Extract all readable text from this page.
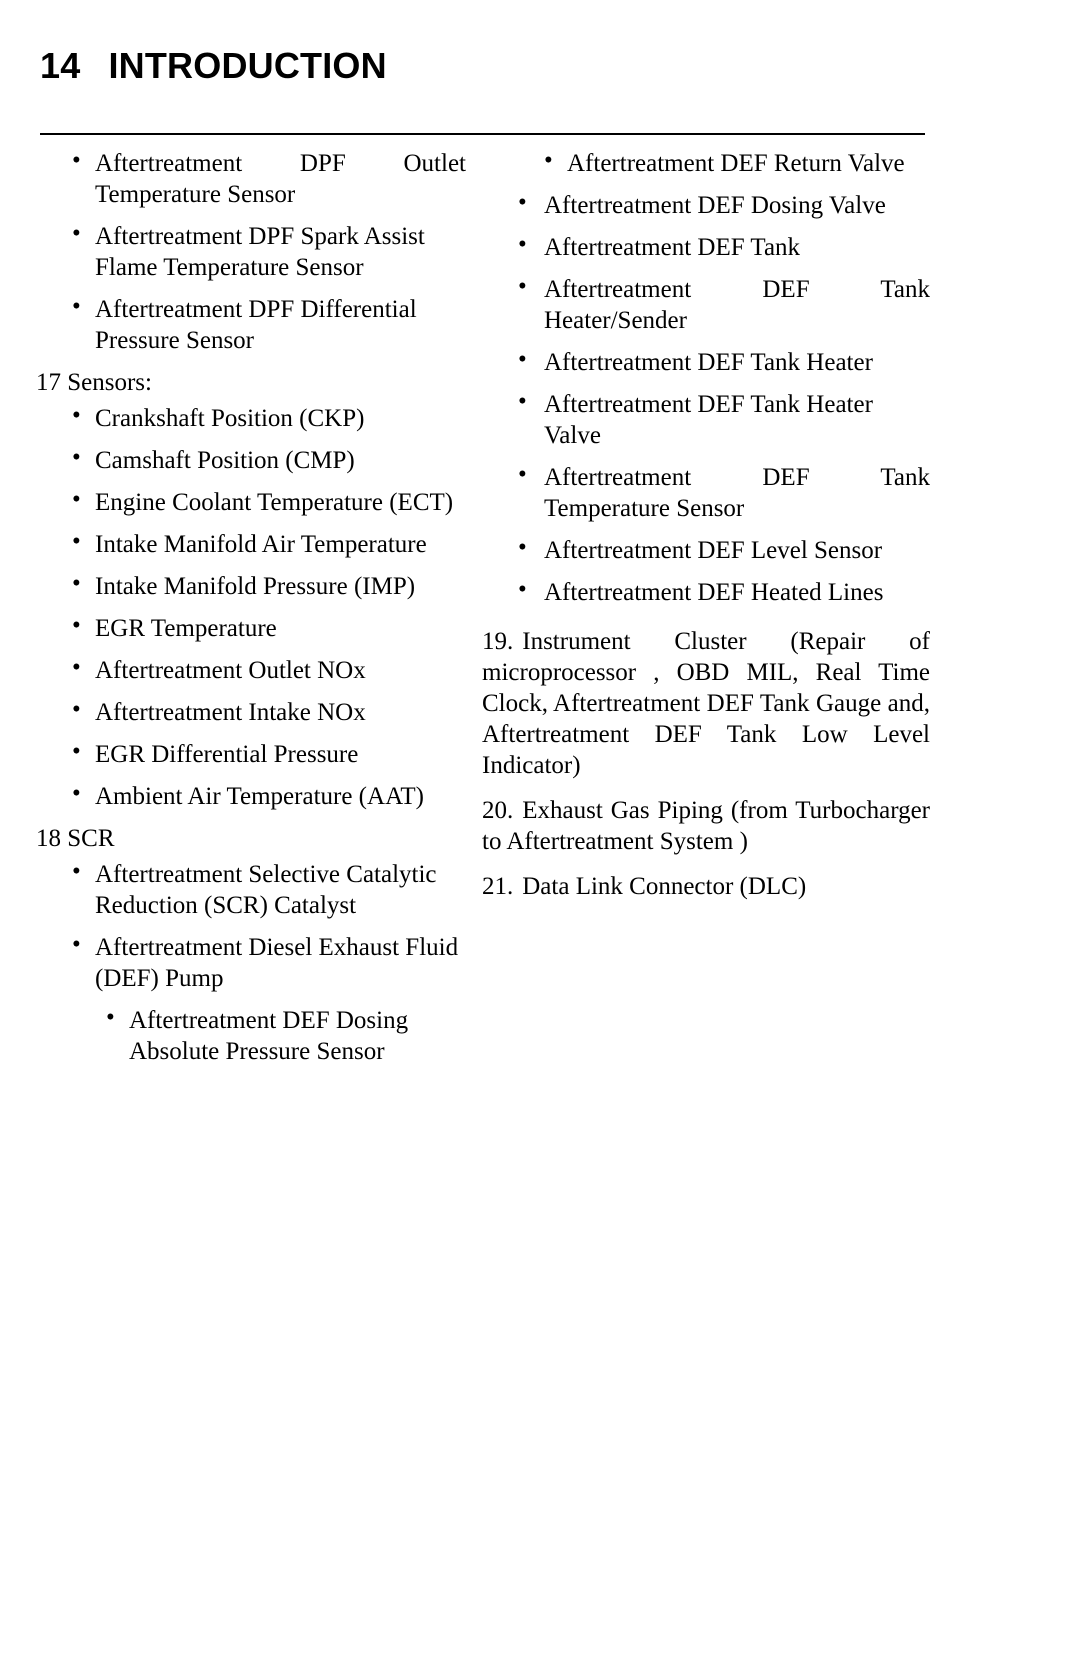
14 INTRODUCTION
• Aftertreatment DPF Outlet Temperature Sensor
• Aftertreatment DPF Spark Assist Flame Temperature Sensor
• Aftertreatment DPF Differential Pressure Sensor
17 Sensors:
• Crankshaft Position (CKP)
• Camshaft Position (CMP)
• Engine Coolant Temperature (ECT)
• Intake Manifold Air Temperature
• Intake Manifold Pressure (IMP)
• EGR Temperature
• Aftertreatment Outlet NOx
• Aftertreatment Intake NOx
• EGR Differential Pressure
• Ambient Air Temperature (AAT)
18 SCR
• Aftertreatment Selective Catalytic Reduction (SCR) Catalyst
• Aftertreatment Diesel Exhaust Fluid (DEF) Pump
• Aftertreatment DEF Dosing Absolute Pressure Sensor
• Aftertreatment DEF Return Valve
• Aftertreatment DEF Dosing Valve
• Aftertreatment DEF Tank
• Aftertreatment DEF Tank Heater/Sender
• Aftertreatment DEF Tank Heater
• Aftertreatment DEF Tank Heater Valve
• Aftertreatment DEF Tank Temperature Sensor
• Aftertreatment DEF Level Sensor
• Aftertreatment DEF Heated Lines

19. Instrument Cluster (Repair of microprocessor , OBD MIL, Real Time Clock, Aftertreatment DEF Tank Gauge and, Aftertreatment DEF Tank Low Level Indicator)

20. Exhaust Gas Piping (from Turbocharger to Aftertreatment System )

21. Data Link Connector (DLC)
